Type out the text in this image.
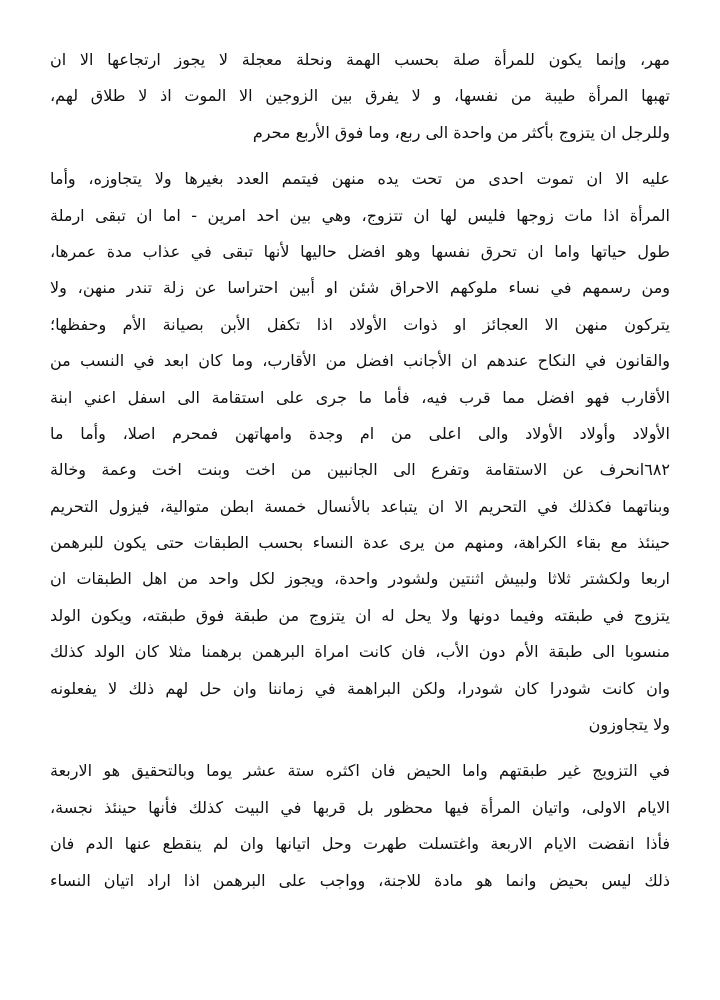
مهر، وإنما يكون للمرأة صلة بحسب الهمة ونحلة معجلة لا يجوز ارتجاعها الا ان
تهبها المرأة طيبة من نفسها، و لا يفرق بين الزوجين الا الموت اذ لا طلاق لهم،
وللرجل ان يتزوج بأكثر من واحدة الى ربع، وما فوق الأربع محرم
عليه الا ان تموت احدى من تحت يده منهن فيتمم العدد بغيرها ولا يتجاوزه، وأما
المرأة اذا مات زوجها فليس لها ان تتزوج، وهي بين احد امرين - اما ان تبقى ارملة
طول حياتها واما ان تحرق نفسها وهو افضل حاليها لأنها تبقى في عذاب مدة عمرها،
ومن رسمهم في نساء ملوكهم الاحراق شئن او أبين احتراسا عن زلة تندر منهن، ولا
يتركون منهن الا العجائز او ذوات الأولاد اذا تكفل الأبن بصيانة الأم وحفظها؛
والقانون في النكاح عندهم ان الأجانب افضل من الأقارب، وما كان ابعد في النسب من
الأقارب فهو افضل مما قرب فيه، فأما ما جرى على استقامة الى اسفل اعني ابنة
الأولاد وأولاد الأولاد والى اعلى من ام وجدة وامهاتهن فمحرم اصلا، وأما ما
٦٨٢انحرف عن الاستقامة وتفرع الى الجانبين من اخت وبنت اخت وعمة وخالة
وبناتهما فكذلك في التحريم الا ان يتباعد بالأنسال خمسة ابطن متوالية، فيزول التحريم
حينئذ مع بقاء الكراهة، ومنهم من يرى عدة النساء بحسب الطبقات حتى يكون للبرهمن
اربعا ولكشتر ثلاثا ولبيش اثنتين ولشودر واحدة، ويجوز لكل واحد من اهل الطبقات ان
يتزوج في طبقته وفيما دونها ولا يحل له ان يتزوج من طبقة فوق طبقته، ويكون الولد
منسوبا الى طبقة الأم دون الأب، فان كانت امراة البرهمن برهمنا مثلا كان الولد كذلك
وان كانت شودرا كان شودرا، ولكن البراهمة في زماننا وان حل لهم ذلك لا يفعلونه
ولا يتجاوزون
في التزويج غير طبقتهم واما الحيض فان اكثره ستة عشر يوما وبالتحقيق هو الاربعة
الايام الاولى، واتيان المرأة فيها محظور بل قربها في البيت كذلك فأنها حينئذ نجسة،
فأذا انقضت الايام الاربعة واغتسلت طهرت وحل اتيانها وان لم ينقطع عنها الدم فان
ذلك ليس بحيض وانما هو مادة للاجنة، وواجب على البرهمن اذا اراد اتيان النساء
